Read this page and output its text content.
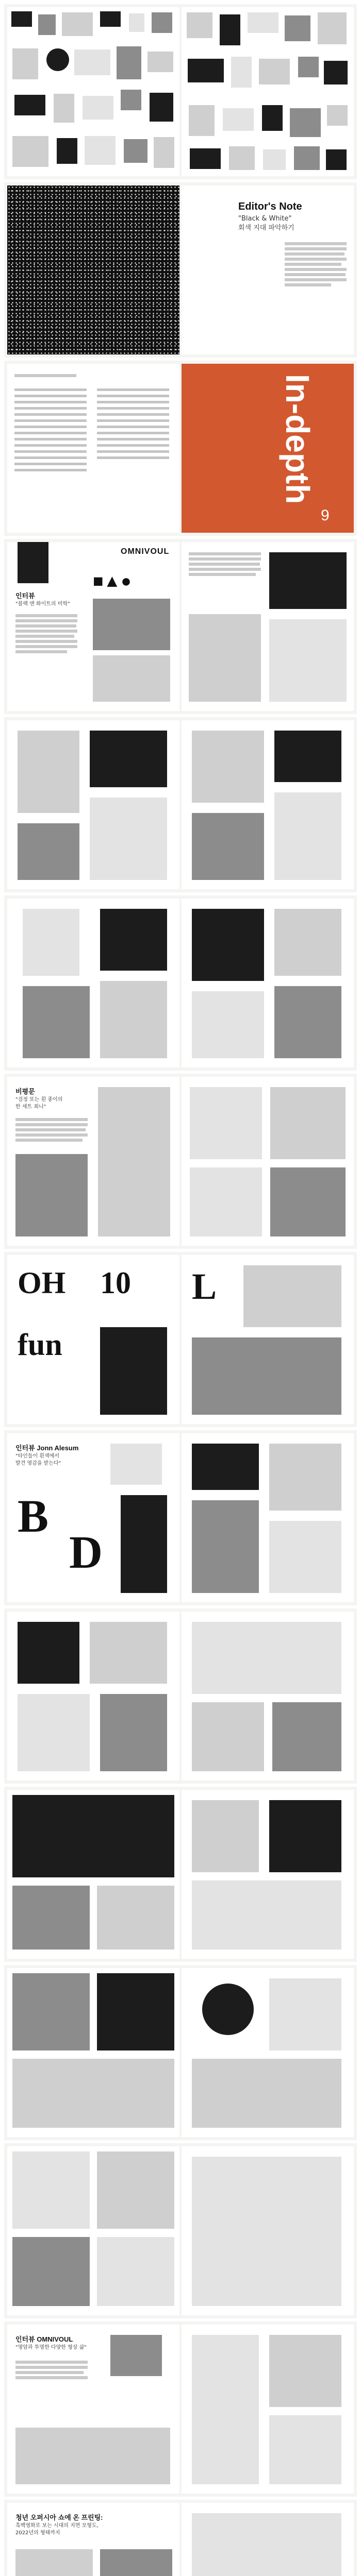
Editor's Note
"Black & White"
회색 지대 파악하기
In-depth
9
인터뷰
"블랙 앤 화이트의 미학"
■▲●
OMNIVOUL
비평문
"검정 또는 흰 종이의
한 세트 최니"
OH 10
fun
L
인터뷰 Jonn Alesum
"타인들이 흰색에서
발견 영감을 받는다"
B
D
인터뷰 OMNIVOUL
"명암과 투명한 다양한 형상 삶"
청년 오퍼시아 쇼에 온 프린팅:
흑백영화로 보는 시대의 지면 모형도,
2022년의 형태까지
